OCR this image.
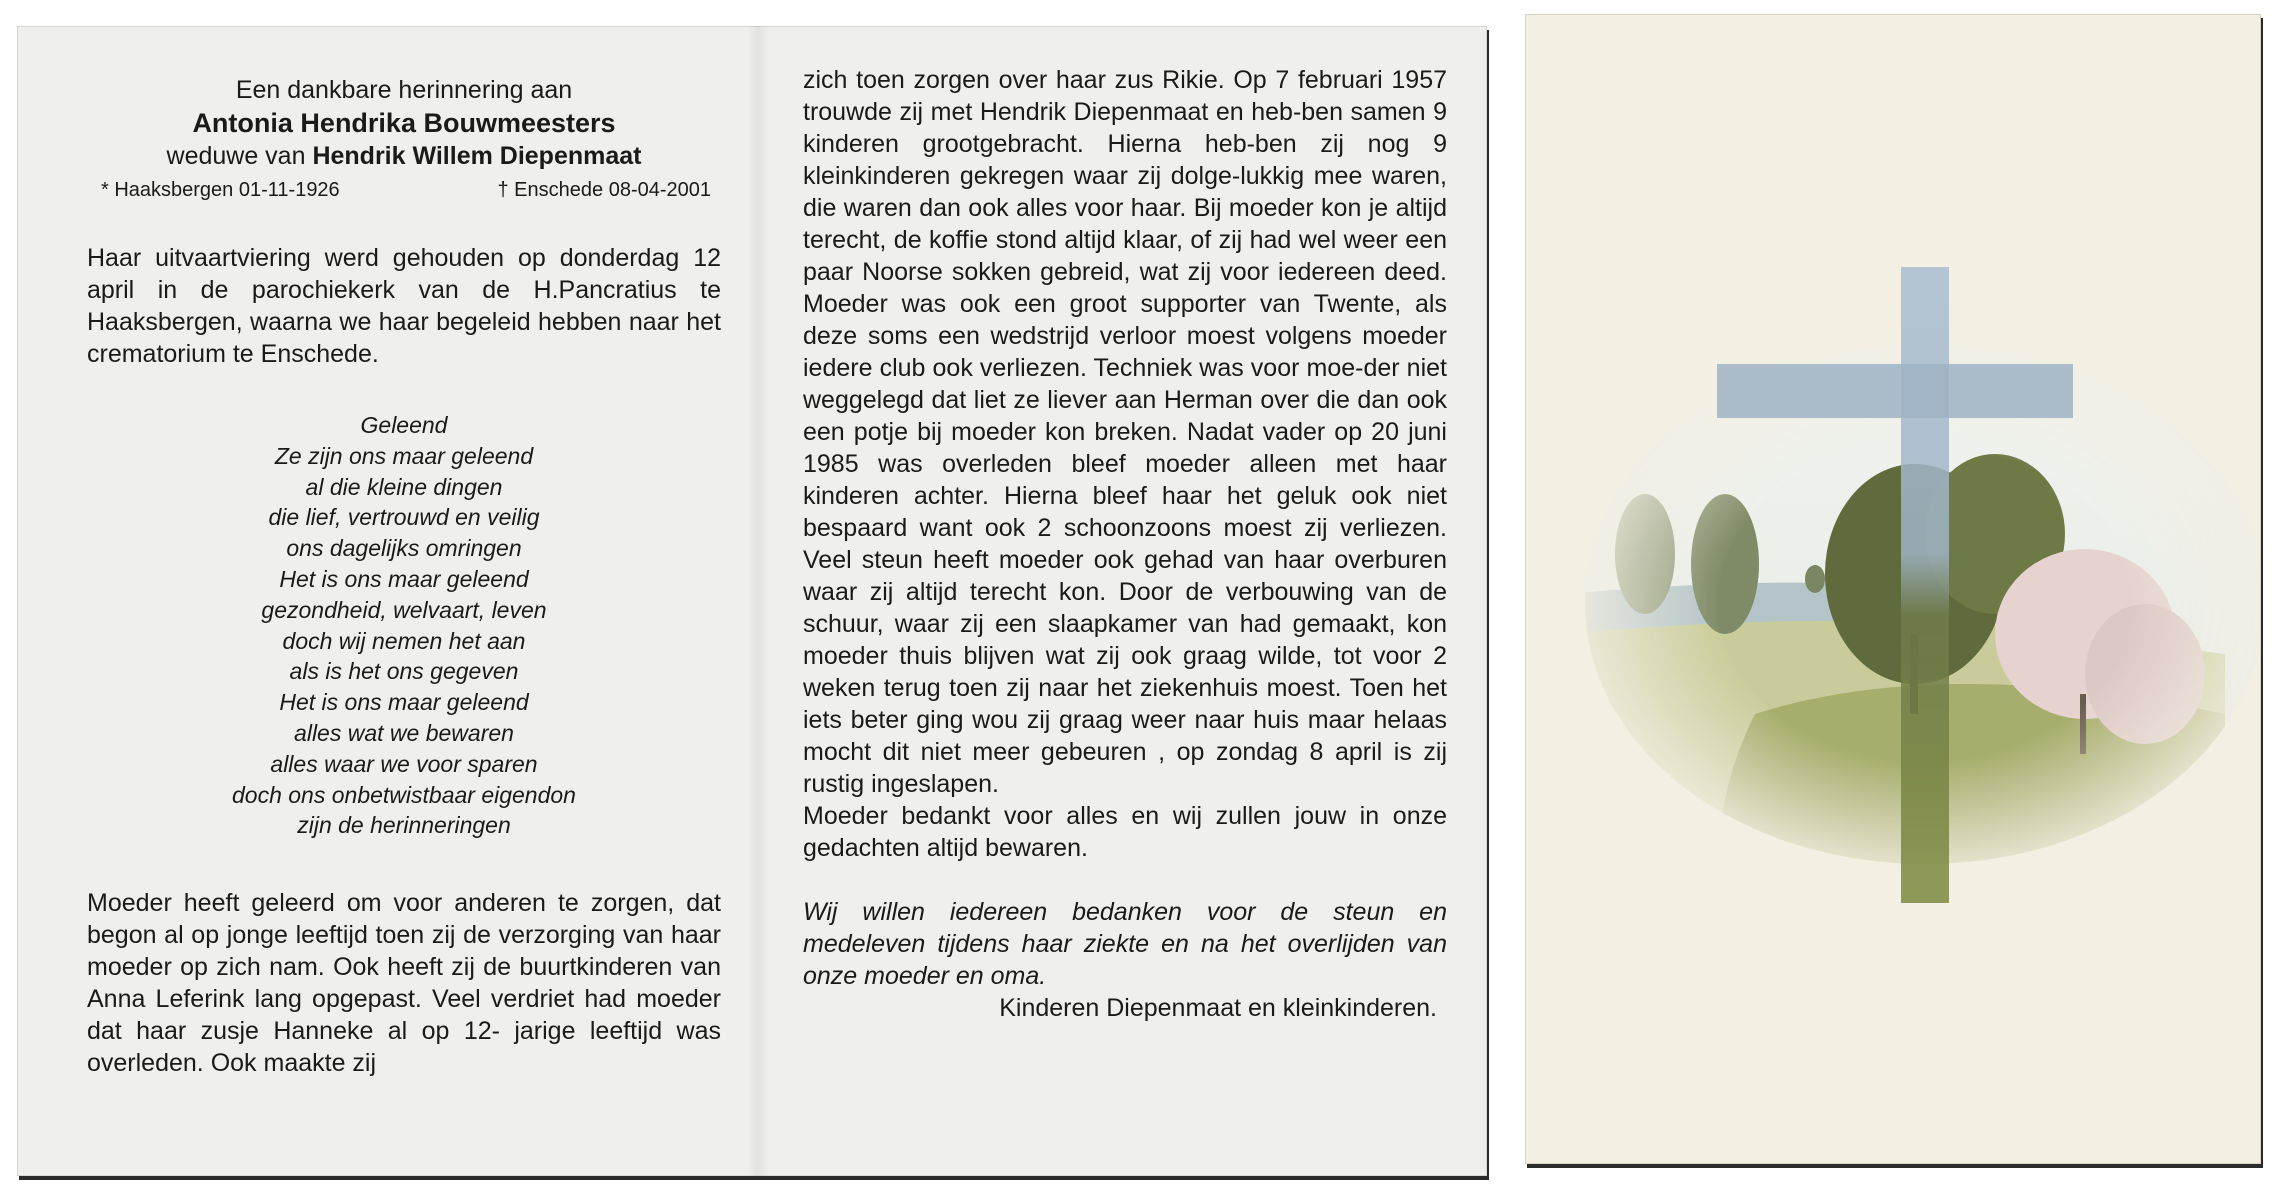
Een dankbare herinnering aan
Antonia Hendrika Bouwmeesters
weduwe van Hendrik Willem Diepenmaat
* Haaksbergen 01-11-1926	† Enschede 08-04-2001

Haar uitvaartviering werd gehouden op donderdag 12 april in de parochiekerk van de H.Pancratius te Haaksbergen, waarna we haar begeleid hebben naar het crematorium te Enschede.

Geleend
Ze zijn ons maar geleend
al die kleine dingen
die lief, vertrouwd en veilig
ons dagelijks omringen
Het is ons maar geleend
gezondheid, welvaart, leven
doch wij nemen het aan
als is het ons gegeven
Het is ons maar geleend
alles wat we bewaren
alles waar we voor sparen
doch ons onbetwistbaar eigendon
zijn de herinneringen

Moeder heeft geleerd om voor anderen te zorgen, dat begon al op jonge leeftijd toen zij de verzorging van haar moeder op zich nam. Ook heeft zij de buurtkinderen van Anna Leferink lang opgepast. Veel verdriet had moeder dat haar zusje Hanneke al op 12- jarige leeftijd was overleden. Ook maakte zij

zich toen zorgen over haar zus Rikie. Op 7 februari 1957 trouwde zij met Hendrik Diepenmaat en heb-ben samen 9 kinderen grootgebracht. Hierna heb-ben zij nog 9 kleinkinderen gekregen waar zij dolge-lukkig mee waren, die waren dan ook alles voor haar. Bij moeder kon je altijd terecht, de koffie stond altijd klaar, of zij had wel weer een paar Noorse sokken gebreid, wat zij voor iedereen deed. Moeder was ook een groot supporter van Twente, als deze soms een wedstrijd verloor moest volgens moeder iedere club ook verliezen. Techniek was voor moe-der niet weggelegd dat liet ze liever aan Herman over die dan ook een potje bij moeder kon breken. Nadat vader op 20 juni 1985 was overleden bleef moeder alleen met haar kinderen achter. Hierna bleef haar het geluk ook niet bespaard want ook 2 schoonzoons moest zij verliezen. Veel steun heeft moeder ook gehad van haar overburen waar zij altijd terecht kon. Door de verbouwing van de schuur, waar zij een slaapkamer van had gemaakt, kon moeder thuis blijven wat zij ook graag wilde, tot voor 2 weken terug toen zij naar het ziekenhuis moest. Toen het iets beter ging wou zij graag weer naar huis maar helaas mocht dit niet meer gebeuren , op zondag 8 april is zij rustig ingeslapen.

Moeder bedankt voor alles en wij zullen jouw in onze gedachten altijd bewaren.

Wij willen iedereen bedanken voor de steun en medeleven tijdens haar ziekte en na het overlijden van onze moeder en oma.
Kinderen Diepenmaat en kleinkinderen.
